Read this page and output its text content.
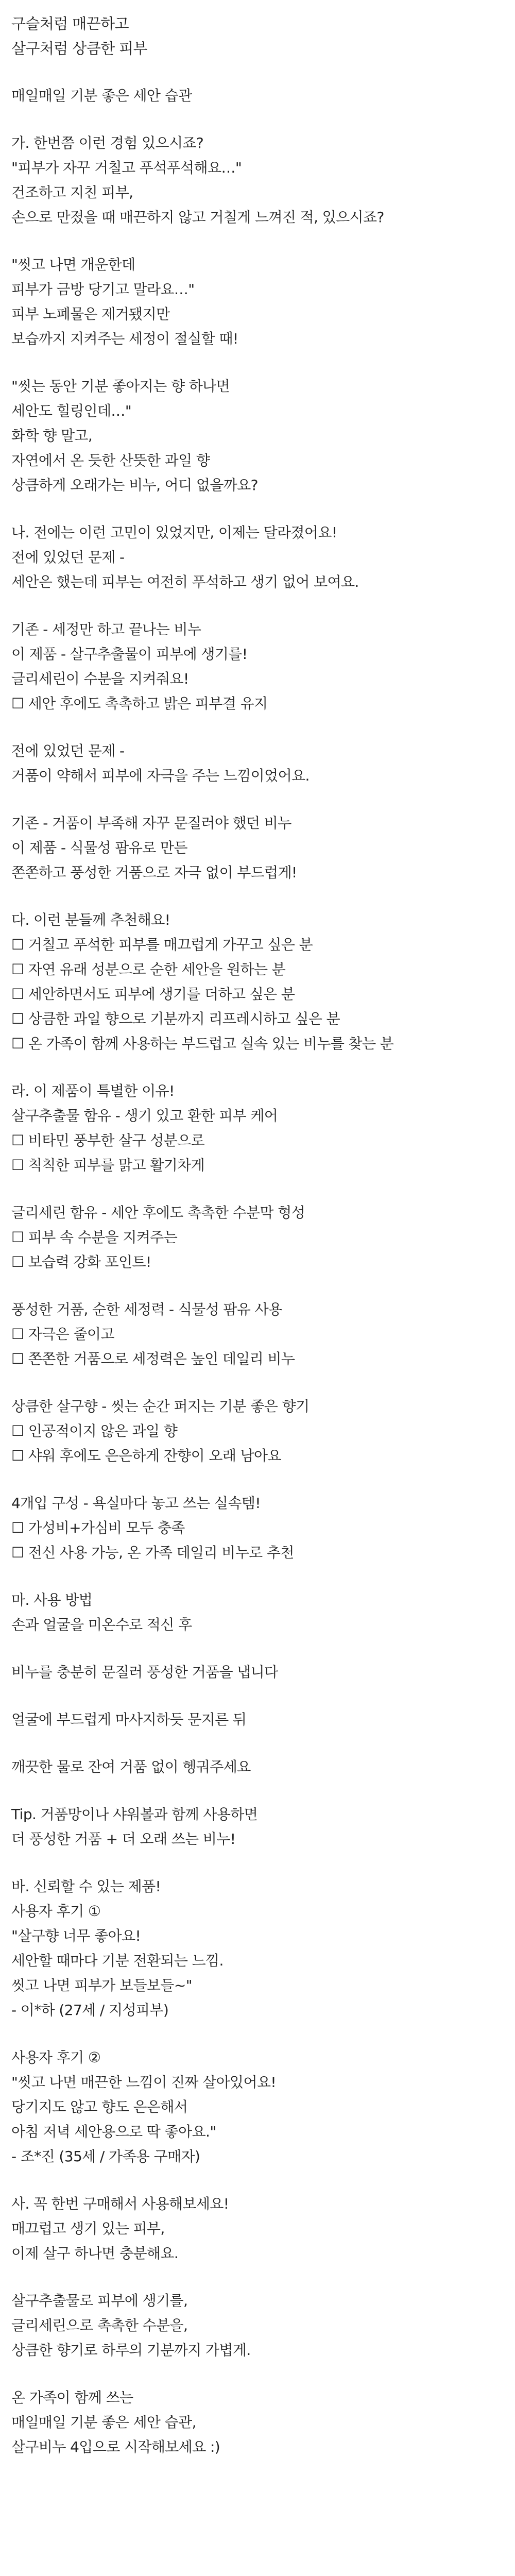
구슬처럼 매끈하고
살구처럼 상큼한 피부
매일매일 기분 좋은 세안 습관
가. 한번쯤 이런 경험 있으시죠?
"피부가 자꾸 거칠고 푸석푸석해요…"
건조하고 지친 피부,
손으로 만졌을 때 매끈하지 않고 거칠게 느껴진 적, 있으시죠?
"씻고 나면 개운한데
피부가 금방 당기고 말라요…"
피부 노폐물은 제거됐지만
보습까지 지켜주는 세정이 절실할 때!
"씻는 동안 기분 좋아지는 향 하나면
세안도 힐링인데…"
화학 향 말고,
자연에서 온 듯한 산뜻한 과일 향
상큼하게 오래가는 비누, 어디 없을까요?
나. 전에는 이런 고민이 있었지만, 이제는 달라졌어요!
전에 있었던 문제 -
세안은 했는데 피부는 여전히 푸석하고 생기 없어 보여요.
기존 - 세정만 하고 끝나는 비누
이 제품 - 살구추출물이 피부에 생기를!
글리세린이 수분을 지켜줘요!
☐ 세안 후에도 촉촉하고 밝은 피부결 유지
전에 있었던 문제 -
거품이 약해서 피부에 자극을 주는 느낌이었어요.
기존 - 거품이 부족해 자꾸 문질러야 했던 비누
이 제품 - 식물성 팜유로 만든
쫀쫀하고 풍성한 거품으로 자극 없이 부드럽게!
다. 이런 분들께 추천해요!
☐ 거칠고 푸석한 피부를 매끄럽게 가꾸고 싶은 분
☐ 자연 유래 성분으로 순한 세안을 원하는 분
☐ 세안하면서도 피부에 생기를 더하고 싶은 분
☐ 상큼한 과일 향으로 기분까지 리프레시하고 싶은 분
☐ 온 가족이 함께 사용하는 부드럽고 실속 있는 비누를 찾는 분
라. 이 제품이 특별한 이유!
살구추출물 함유 - 생기 있고 환한 피부 케어
☐ 비타민 풍부한 살구 성분으로
☐ 칙칙한 피부를 맑고 활기차게
글리세린 함유 - 세안 후에도 촉촉한 수분막 형성
☐ 피부 속 수분을 지켜주는
☐ 보습력 강화 포인트!
풍성한 거품, 순한 세정력 - 식물성 팜유 사용
☐ 자극은 줄이고
☐ 쫀쫀한 거품으로 세정력은 높인 데일리 비누
상큼한 살구향 - 씻는 순간 퍼지는 기분 좋은 향기
☐ 인공적이지 않은 과일 향
☐ 샤워 후에도 은은하게 잔향이 오래 남아요
4개입 구성 - 욕실마다 놓고 쓰는 실속템!
☐ 가성비+가심비 모두 충족
☐ 전신 사용 가능, 온 가족 데일리 비누로 추천
마. 사용 방법
손과 얼굴을 미온수로 적신 후
비누를 충분히 문질러 풍성한 거품을 냅니다
얼굴에 부드럽게 마사지하듯 문지른 뒤
깨끗한 물로 잔여 거품 없이 헹궈주세요
Tip. 거품망이나 샤워볼과 함께 사용하면
더 풍성한 거품 + 더 오래 쓰는 비누!
바. 신뢰할 수 있는 제품!
사용자 후기 ①
"살구향 너무 좋아요!
세안할 때마다 기분 전환되는 느낌.
씻고 나면 피부가 보들보들~"
- 이*하 (27세 / 지성피부)
사용자 후기 ②
"씻고 나면 매끈한 느낌이 진짜 살아있어요!
당기지도 않고 향도 은은해서
아침 저녁 세안용으로 딱 좋아요."
- 조*진 (35세 / 가족용 구매자)
사. 꼭 한번 구매해서 사용해보세요!
매끄럽고 생기 있는 피부,
이제 살구 하나면 충분해요.
살구추출물로 피부에 생기를,
글리세린으로 촉촉한 수분을,
상큼한 향기로 하루의 기분까지 가볍게.
온 가족이 함께 쓰는
매일매일 기분 좋은 세안 습관,
살구비누 4입으로 시작해보세요 :)
